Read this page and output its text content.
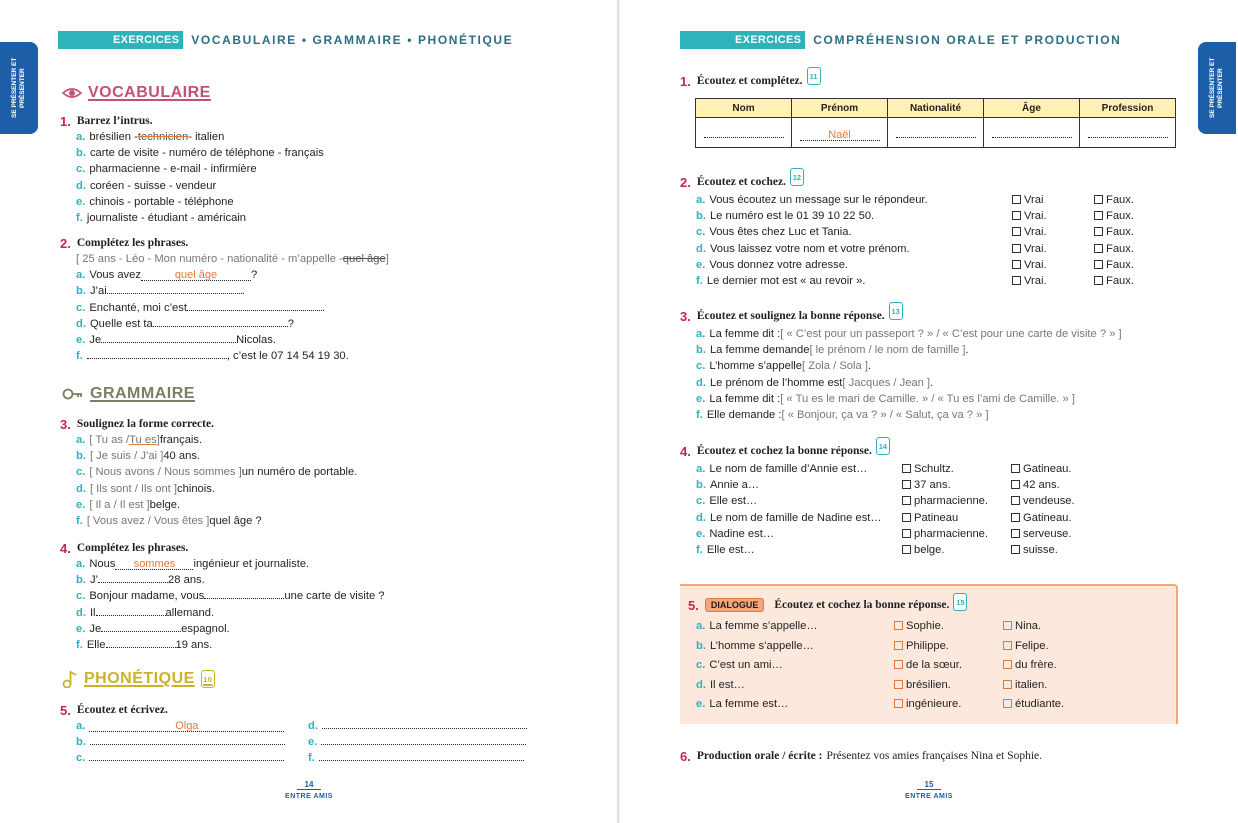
SE PRÉSENTER ET PRÉSENTER
EXERCICES	VOCABULAIRE • GRAMMAIRE • PHONÉTIQUE
VOCABULAIRE
1. Barrez l’intrus.
a. brésilien - technicien - italien
b. carte de visite - numéro de téléphone - français
c. pharmacienne - e-mail - infirmière
d. coréen - suisse - vendeur
e. chinois - portable - téléphone
f. journaliste - étudiant - américain
2. Complétez les phrases.
[ 25 ans - Léo - Mon numéro - nationalité - m’appelle - quel âge ]
a. Vous avez	quel âge	?
b. J’ai	.
c. Enchanté, moi c’est	.
d. Quelle est ta	?
e. Je	Nicolas.
f.	, c’est le 07 14 54 19 30.
GRAMMAIRE
3. Soulignez la forme correcte.
a. [ Tu as / Tu es ] français.
b. [ Je suis / J’ai ] 40 ans.
c. [ Nous avons / Nous sommes ] un numéro de portable.
d. [ Ils sont / Ils ont ] chinois.
e. [ Il a / Il est ] belge.
f. [ Vous avez / Vous êtes ] quel âge ?
4. Complétez les phrases.
a. Nous	sommes	ingénieur et journaliste.
b. J’	28 ans.
c. Bonjour madame, vous	une carte de visite ?
d. Il	allemand.
e. Je	espagnol.
f. Elle	19 ans.
PHONÉTIQUE	10
5. Écoutez et écrivez.
a.	Olga
b.
c.
d.
e.
f.
14
ENTRE AMIS
SE PRÉSENTER ET PRÉSENTER
EXERCICES	COMPRÉHENSION ORALE ET PRODUCTION
1. Écoutez et complétez. 11
Nom	Prénom	Nationalité	Âge	Profession
	Naël			
2. Écoutez et cochez. 12
a. Vous écoutez un message sur le répondeur.	Vrai	Faux.
b. Le numéro est le 01 39 10 22 50.	Vrai.	Faux.
c. Vous êtes chez Luc et Tania.	Vrai.	Faux.
d. Vous laissez votre nom et votre prénom.	Vrai.	Faux.
e. Vous donnez votre adresse.	Vrai.	Faux.
f. Le dernier mot est « au revoir ».	Vrai.	Faux.
3. Écoutez et soulignez la bonne réponse. 13
a. La femme dit : [ « C’est pour un passeport ? » / « C’est pour une carte de visite ? » ]
b. La femme demande [ le prénom / le nom de famille ] .
c. L’homme s’appelle [ Zola / Sola ] .
d. Le prénom de l’homme est [ Jacques / Jean ] .
e. La femme dit : [ « Tu es le mari de Camille. » / « Tu es l’ami de Camille. » ]
f. Elle demande : [ « Bonjour, ça va ? » / « Salut, ça va ? » ]
4. Écoutez et cochez la bonne réponse. 14
a. Le nom de famille d’Annie est…	Schultz.	Gatineau.
b. Annie a…	37 ans.	42 ans.
c. Elle est…	pharmacienne.	vendeuse.
d. Le nom de famille de Nadine est…	Patineau	Gatineau.
e. Nadine est…	pharmacienne.	serveuse.
f. Elle est…	belge.	suisse.
5.	DIALOGUE	Écoutez et cochez la bonne réponse. 15
a. La femme s’appelle…	Sophie.	Nina.
b. L’homme s’appelle…	Philippe.	Felipe.
c. C’est un ami…	de la sœur.	du frère.
d. Il est…	brésilien.	italien.
e. La femme est…	ingénieure.	étudiante.
6. Production orale / écrite : Présentez vos amies françaises Nina et Sophie.
15
ENTRE AMIS
